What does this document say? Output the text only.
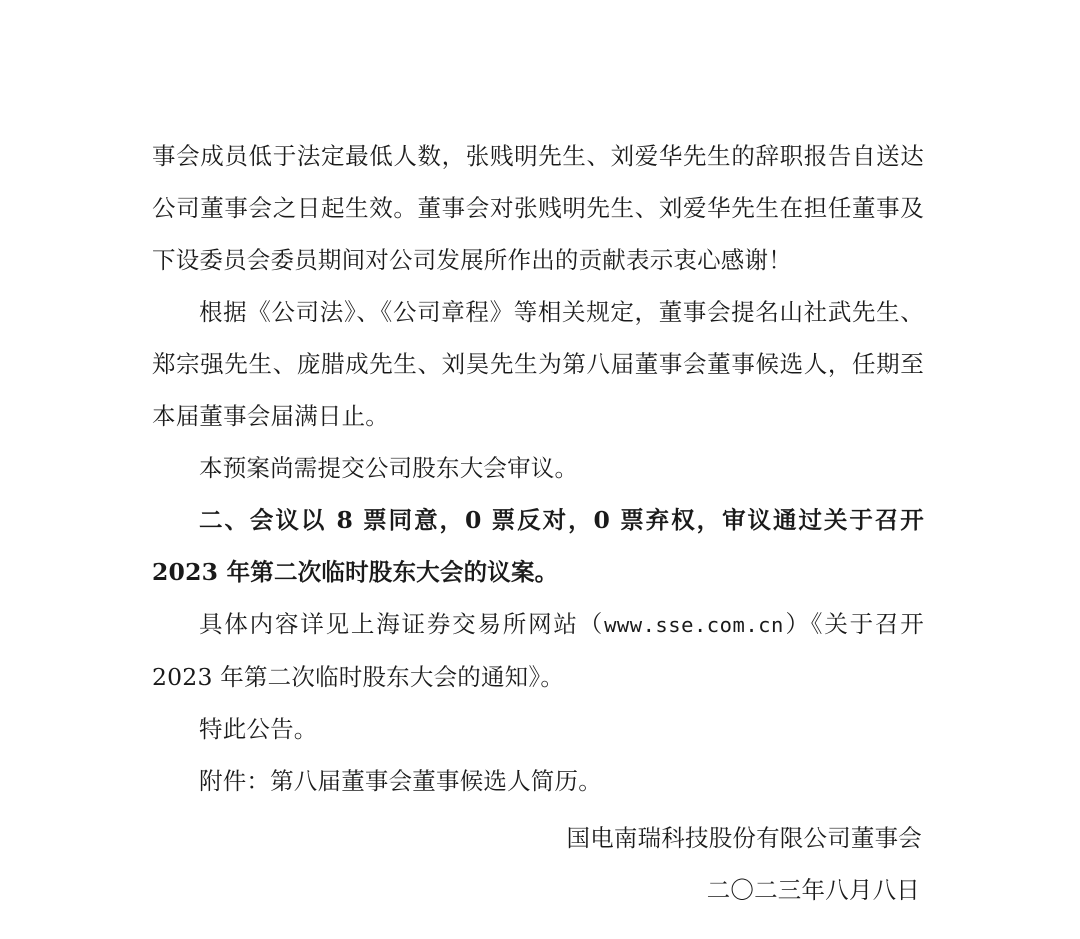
事会成员低于法定最低人数，张贱明先生、刘爱华先生的辞职报告自送达公司董事会之日起生效。董事会对张贱明先生、刘爱华先生在担任董事及下设委员会委员期间对公司发展所作出的贡献表示衷心感谢！

根据《公司法》、《公司章程》等相关规定，董事会提名山社武先生、郑宗强先生、庞腊成先生、刘昊先生为第八届董事会董事候选人，任期至本届董事会届满日止。

本预案尚需提交公司股东大会审议。

二、会议以 8 票同意，0 票反对，0 票弃权，审议通过关于召开 2023 年第二次临时股东大会的议案。

具体内容详见上海证券交易所网站（www.sse.com.cn）《关于召开 2023 年第二次临时股东大会的通知》。

特此公告。

附件：第八届董事会董事候选人简历。

国电南瑞科技股份有限公司董事会
二〇二三年八月八日
